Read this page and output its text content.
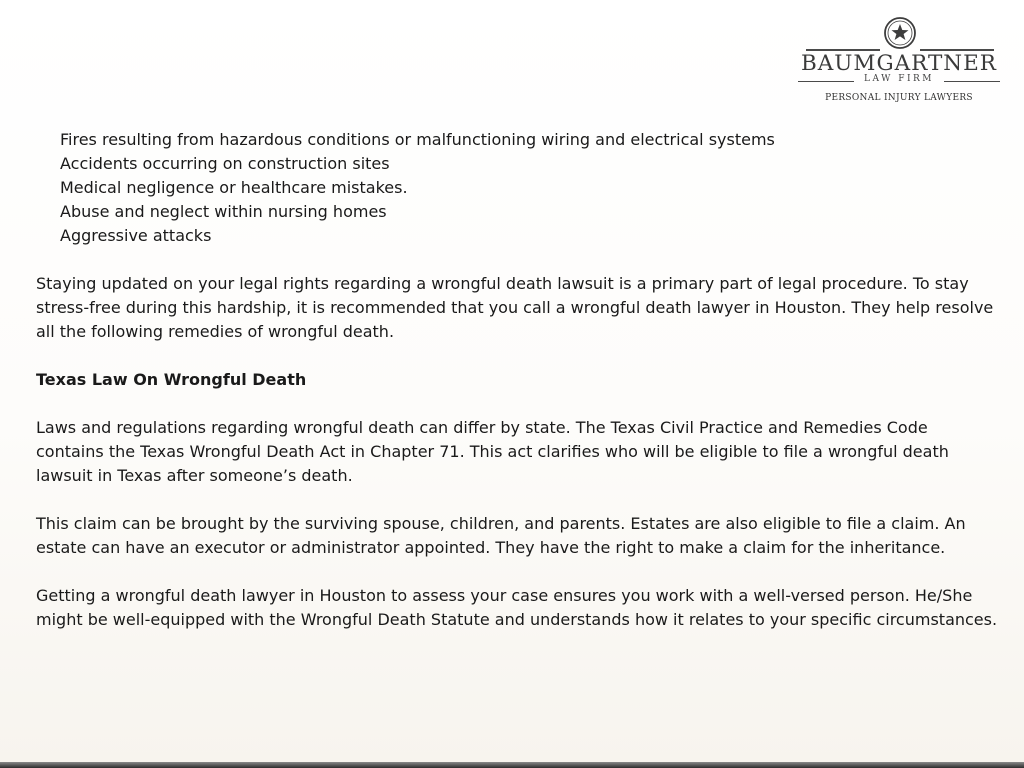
BAUMGARTNER
LAW FIRM
PERSONAL INJURY LAWYERS
Fires resulting from hazardous conditions or malfunctioning wiring and electrical systems
Accidents occurring on construction sites
Medical negligence or healthcare mistakes.
Abuse and neglect within nursing homes
Aggressive attacks

Staying updated on your legal rights regarding a wrongful death lawsuit is a primary part of legal procedure. To stay stress-free during this hardship, it is recommended that you call a wrongful death lawyer in Houston. They help resolve all the following remedies of wrongful death.

Texas Law On Wrongful Death

Laws and regulations regarding wrongful death can differ by state. The Texas Civil Practice and Remedies Code contains the Texas Wrongful Death Act in Chapter 71. This act clarifies who will be eligible to file a wrongful death lawsuit in Texas after someone’s death.

This claim can be brought by the surviving spouse, children, and parents. Estates are also eligible to file a claim. An estate can have an executor or administrator appointed. They have the right to make a claim for the inheritance.

Getting a wrongful death lawyer in Houston to assess your case ensures you work with a well-versed person. He/She might be well-equipped with the Wrongful Death Statute and understands how it relates to your specific circumstances.
